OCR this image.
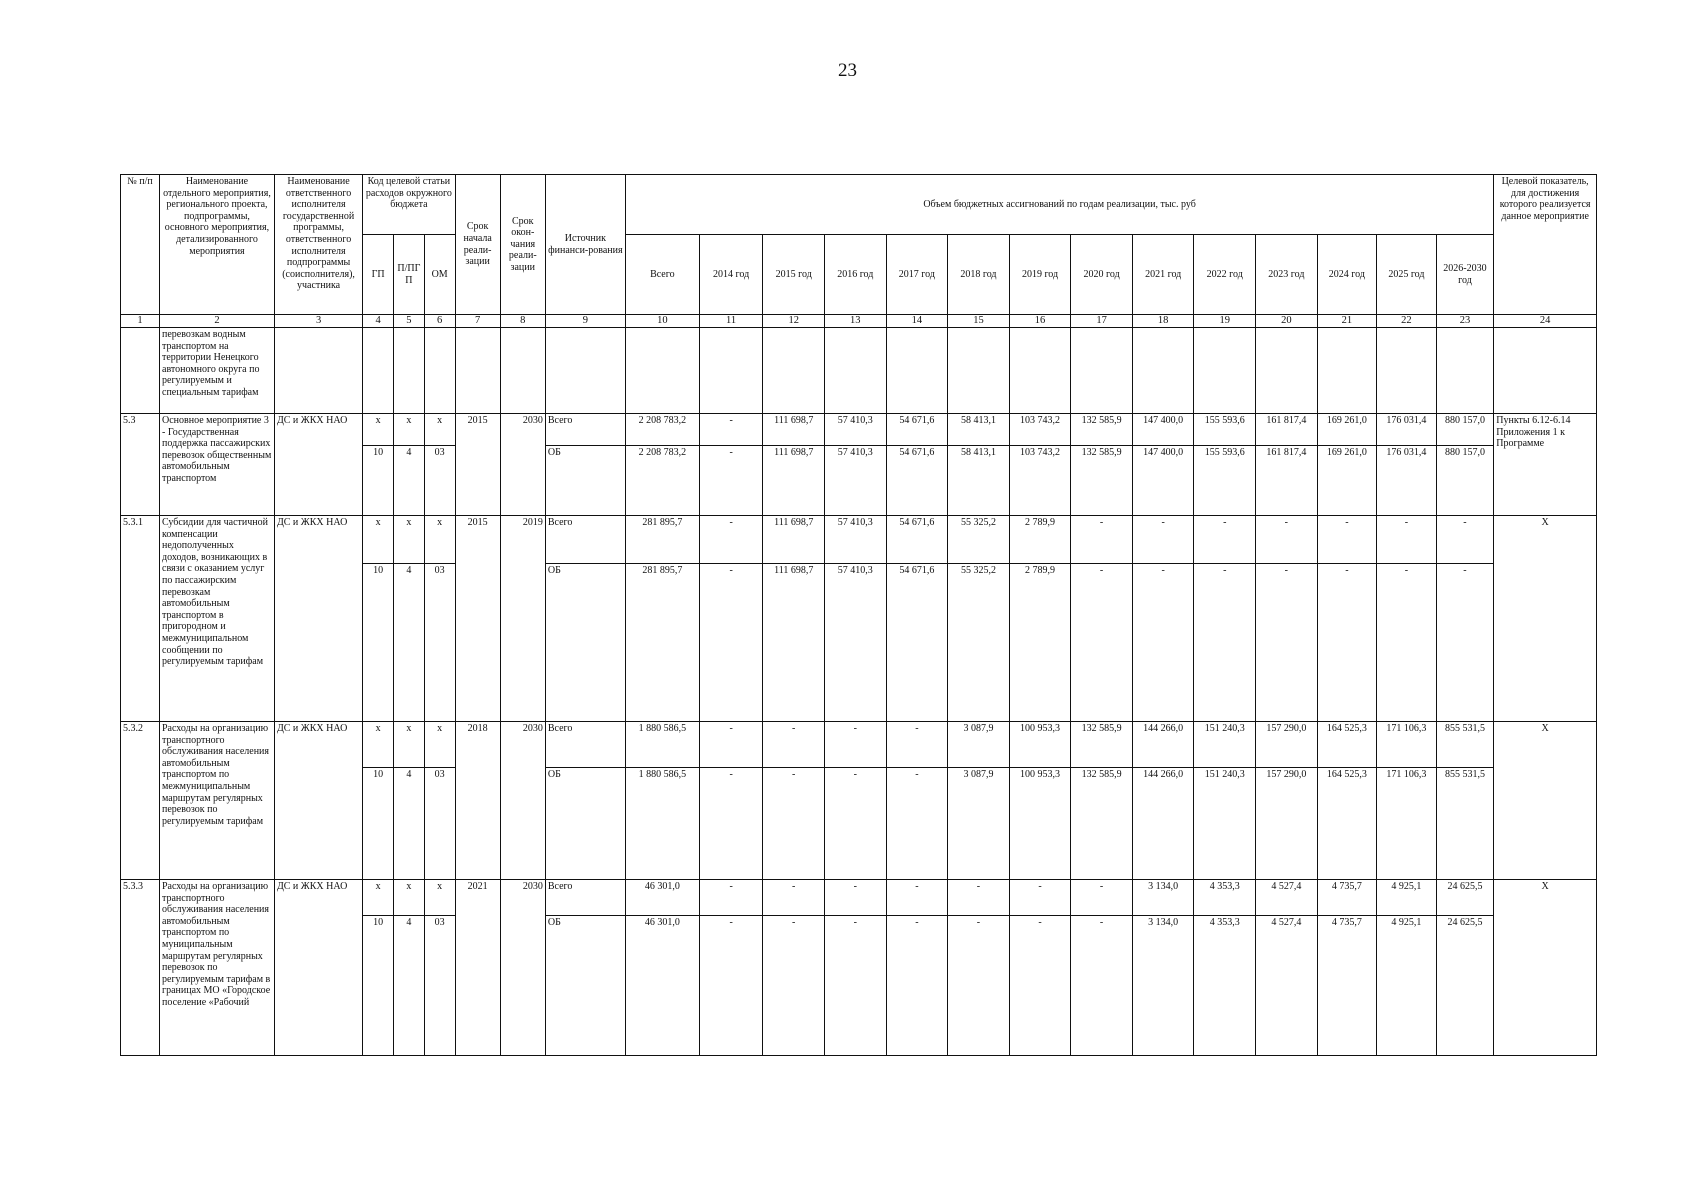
23
№ п/п	Наименование отдельного мероприятия, регионального проекта, подпрограммы, основного мероприятия, детализированного мероприятия	Наименование ответственного исполнителя государственной программы, ответственного исполнителя подпрограммы (соисполнителя), участника	Код целевой статьи расходов окружного бюджета			Срок начала реали-зации	Срок окон-чания реали-зации	Источник финанси-рования	Объем бюджетных ассигнований по годам реализации, тыс. руб														Целевой показатель, для достижения которого реализуется данное мероприятие
			ГП	П/ПГ П	ОМ				Всего	2014 год	2015 год	2016 год	2017 год	2018 год	2019 год	2020 год	2021 год	2022 год	2023 год	2024 год	2025 год	2026-2030 год	
1	2	3	4	5	6	7	8	9	10	11	12	13	14	15	16	17	18	19	20	21	22	23	24
	перевозкам водным транспортом на территории Ненецкого автономного округа по регулируемым и специальным тарифам																						
5.3	Основное мероприятие 3 - Государственная поддержка пассажирских перевозок общественным автомобильным транспортом	ДС и ЖКХ НАО	x	x	x	2015	2030	Всего	2 208 783,2	-	111 698,7	57 410,3	54 671,6	58 413,1	103 743,2	132 585,9	147 400,0	155 593,6	161 817,4	169 261,0	176 031,4	880 157,0	Пункты 6.12-6.14 Приложения 1 к Программе
			10	4	03			ОБ	2 208 783,2	-	111 698,7	57 410,3	54 671,6	58 413,1	103 743,2	132 585,9	147 400,0	155 593,6	161 817,4	169 261,0	176 031,4	880 157,0	
5.3.1	Субсидии для частичной компенсации недополученных доходов, возникающих в связи с оказанием услуг по пассажирским перевозкам автомобильным транспортом в пригородном и межмуниципальном сообщении по регулируемым тарифам	ДС и ЖКХ НАО	x	x	x	2015	2019	Всего	281 895,7	-	111 698,7	57 410,3	54 671,6	55 325,2	2 789,9	-	-	-	-	-	-	-	X
			10	4	03			ОБ	281 895,7	-	111 698,7	57 410,3	54 671,6	55 325,2	2 789,9	-	-	-	-	-	-	-	
5.3.2	Расходы на организацию транспортного обслуживания населения автомобильным транспортом по межмуниципальным маршрутам регулярных перевозок по регулируемым тарифам	ДС и ЖКХ НАО	x	x	x	2018	2030	Всего	1 880 586,5	-	-	-	-	3 087,9	100 953,3	132 585,9	144 266,0	151 240,3	157 290,0	164 525,3	171 106,3	855 531,5	X
			10	4	03			ОБ	1 880 586,5	-	-	-	-	3 087,9	100 953,3	132 585,9	144 266,0	151 240,3	157 290,0	164 525,3	171 106,3	855 531,5	
5.3.3	Расходы на организацию транспортного обслуживания населения автомобильным транспортом по муниципальным маршрутам регулярных перевозок по регулируемым тарифам в границах МО «Городское поселение «Рабочий	ДС и ЖКХ НАО	x	x	x	2021	2030	Всего	46 301,0	-	-	-	-	-	-	-	3 134,0	4 353,3	4 527,4	4 735,7	4 925,1	24 625,5	X
			10	4	03			ОБ	46 301,0	-	-	-	-	-	-	-	3 134,0	4 353,3	4 527,4	4 735,7	4 925,1	24 625,5	
